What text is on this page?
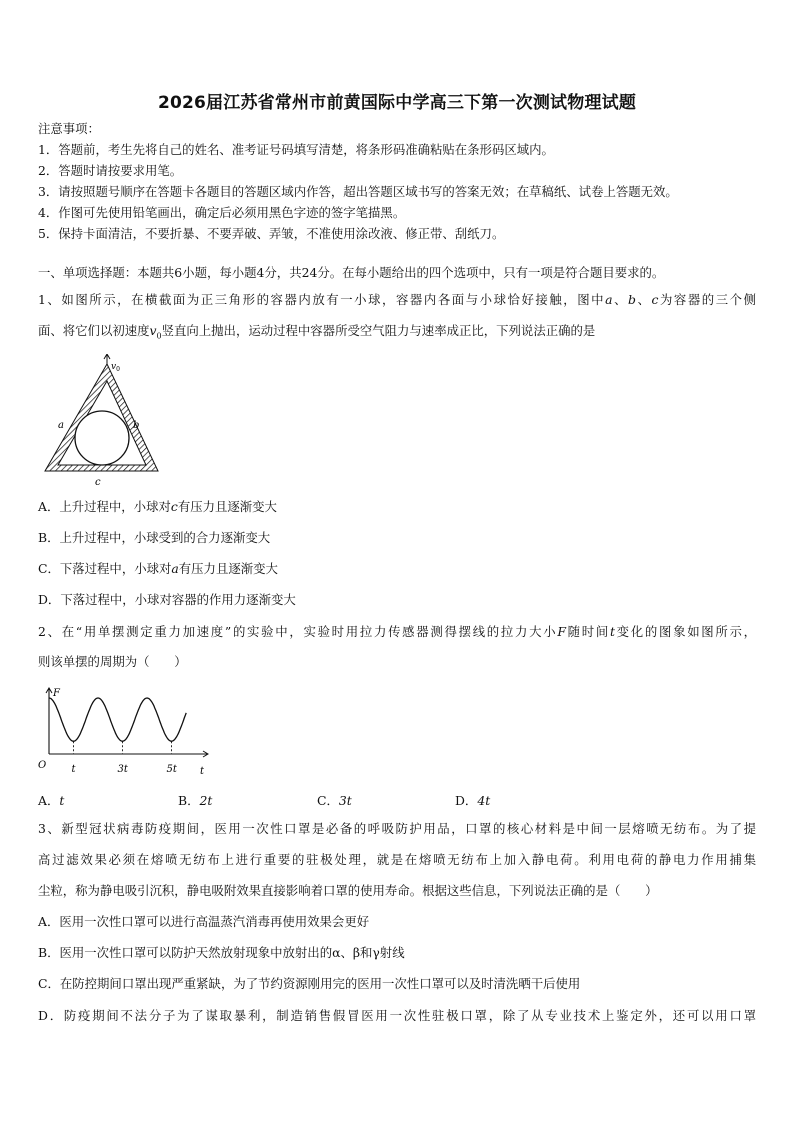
2026届江苏省常州市前黄国际中学高三下第一次测试物理试题
注意事项：
1．答题前，考生先将自己的姓名、准考证号码填写清楚，将条形码准确粘贴在条形码区域内。
2．答题时请按要求用笔。
3．请按照题号顺序在答题卡各题目的答题区域内作答，超出答题区域书写的答案无效；在草稿纸、试卷上答题无效。
4．作图可先使用铅笔画出，确定后必须用黑色字迹的签字笔描黑。
5．保持卡面清洁，不要折暴、不要弄破、弄皱，不准使用涂改液、修正带、刮纸刀。
一、单项选择题：本题共6小题，每小题4分，共24分。在每小题给出的四个选项中，只有一项是符合题目要求的。
1、如图所示，在横截面为正三角形的容器内放有一小球，容器内各面与小球恰好接触，图中a、b、c为容器的三个侧
面、将它们以初速度$v_0$竖直向上抛出，运动过程中容器所受空气阻力与速率成正比，下列说法正确的是
$v_0$
a	b
c
A．上升过程中，小球对c有压力且逐渐变大
B．上升过程中，小球受到的合力逐渐变大
C．下落过程中，小球对a有压力且逐渐变大
D．下落过程中，小球对容器的作用力逐渐变大
2、在“用单摆测定重力加速度”的实验中，实验时用拉力传感器测得摆线的拉力大小F随时间t变化的图象如图所示，
则该单摆的周期为（　　）
t	3t	5t
O
F
t
A．t	B．2t	C．3t	D．4t
3、新型冠状病毒防疫期间，医用一次性口罩是必备的呼吸防护用品，口罩的核心材料是中间一层熔喷无纺布。为了提
高过滤效果必须在熔喷无纺布上进行重要的驻极处理，就是在熔喷无纺布上加入静电荷。利用电荷的静电力作用捕集
尘粒，称为静电吸引沉积，静电吸附效果直接影响着口罩的使用寿命。根据这些信息，下列说法正确的是（　　）
A．医用一次性口罩可以进行高温蒸汽消毒再使用效果会更好
B．医用一次性口罩可以防护天然放射现象中放射出的α、β和γ射线
C．在防控期间口罩出现严重紧缺，为了节约资源刚用完的医用一次性口罩可以及时清洗晒干后使用
D．防疫期间不法分子为了谋取暴利，制造销售假冒医用一次性驻极口罩，除了从专业技术上鉴定外，还可以用口罩
